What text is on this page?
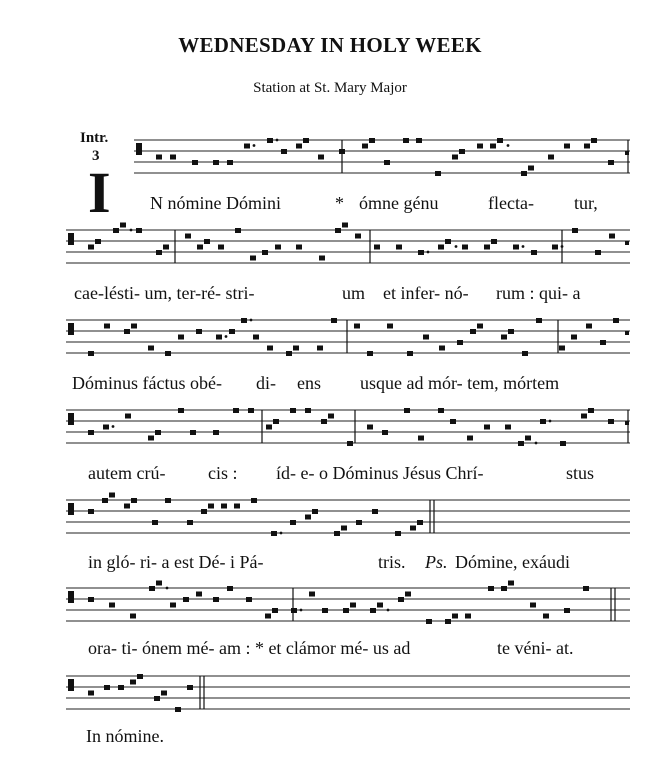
WEDNESDAY IN HOLY WEEK
Station at St. Mary Major
Intr.
3
I N nómine Dómini	* ómne génu	flecta- tur,
cae-lésti- um, ter-ré- stri-	um et infer- nó- rum : qui- a
Dóminus fáctus obé- di- ens usque ad mór- tem, mórtem
autem crú- cis : íd- e- o Dóminus Jésus Chrí-	stus
in gló- ri- a est Dé- i Pá-	tris. Ps. Dómine, exáudi
ora- ti- ónem mé- am : * et clámor mé- us ad	te véni- at.
In nómine.
